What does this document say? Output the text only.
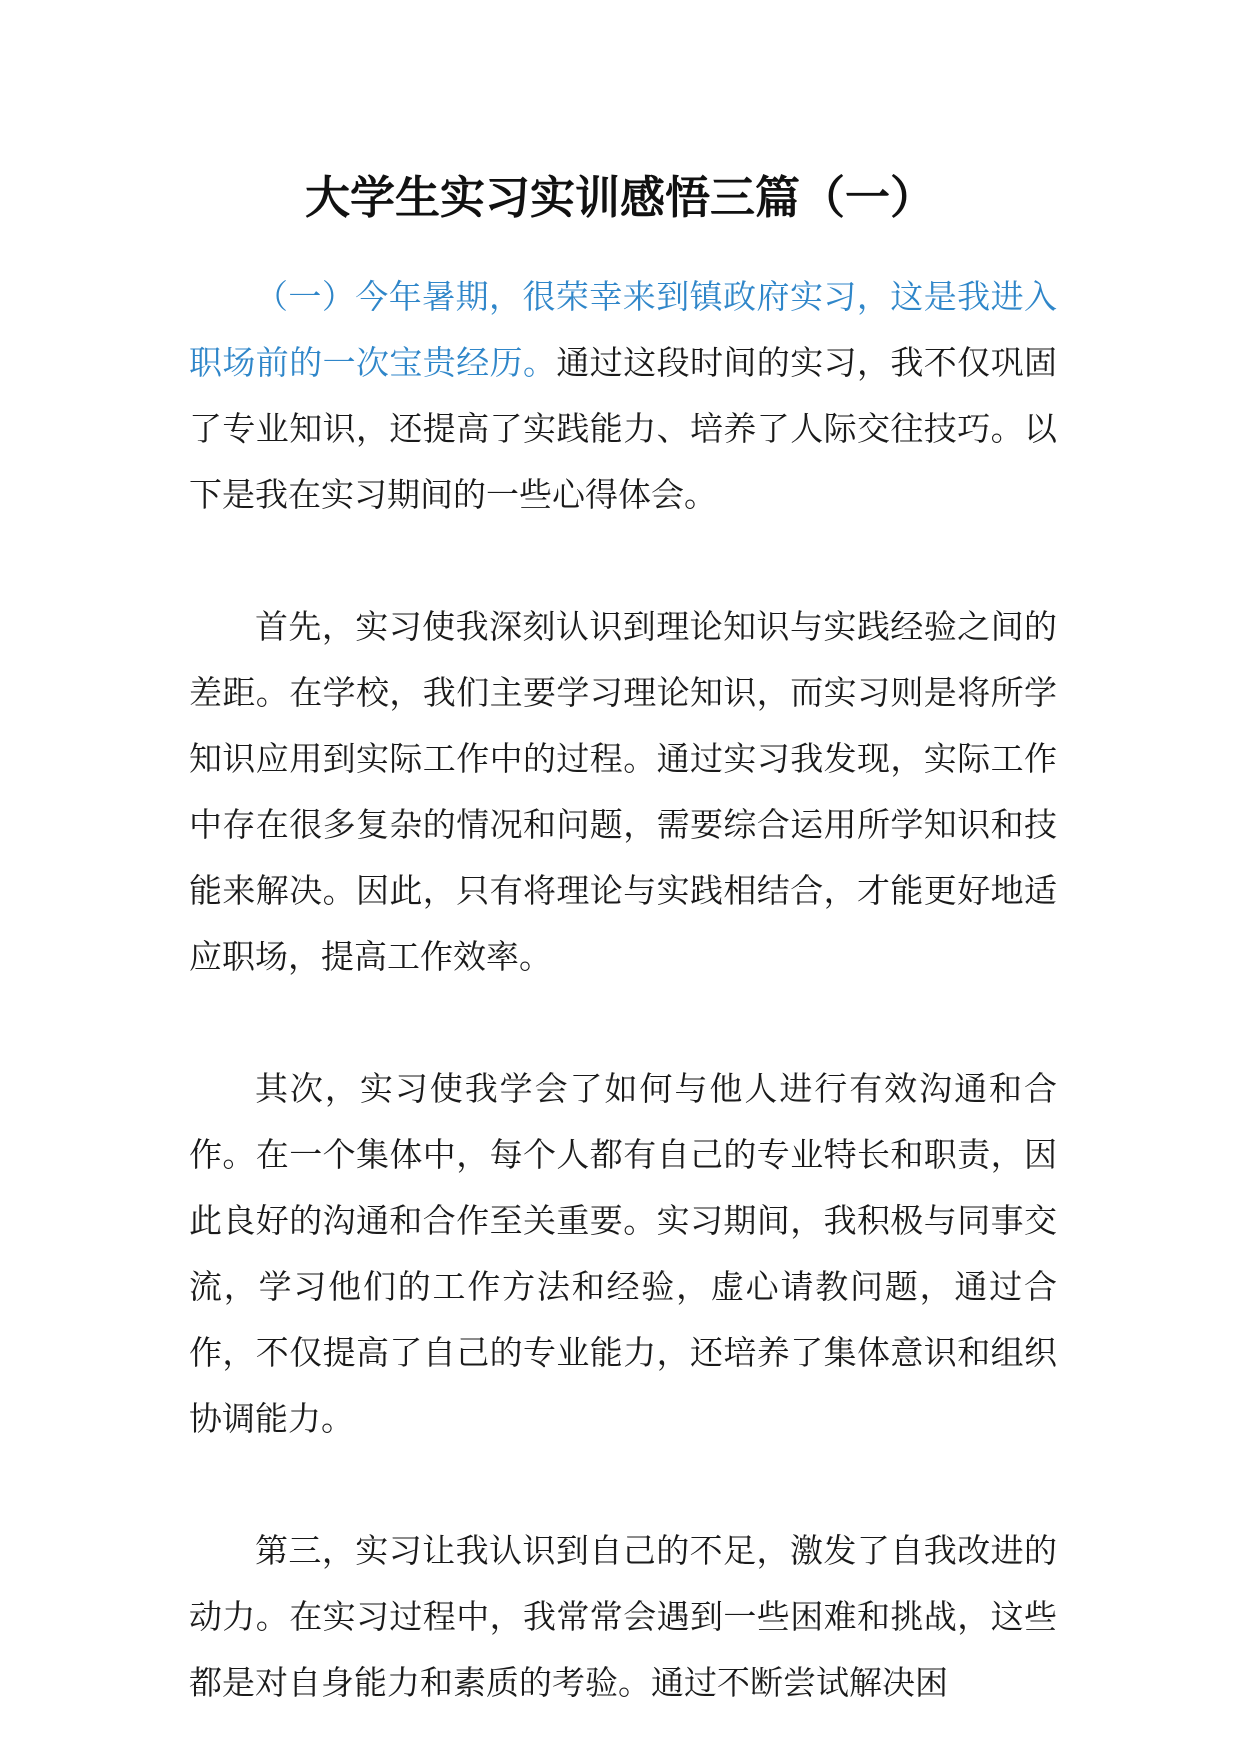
大学生实习实训感悟三篇（一）

（一）今年暑期，很荣幸来到镇政府实习，这是我进入职场前的一次宝贵经历。通过这段时间的实习，我不仅巩固了专业知识，还提高了实践能力、培养了人际交往技巧。以下是我在实习期间的一些心得体会。

首先，实习使我深刻认识到理论知识与实践经验之间的差距。在学校，我们主要学习理论知识，而实习则是将所学知识应用到实际工作中的过程。通过实习我发现，实际工作中存在很多复杂的情况和问题，需要综合运用所学知识和技能来解决。因此，只有将理论与实践相结合，才能更好地适应职场，提高工作效率。

其次，实习使我学会了如何与他人进行有效沟通和合作。在一个集体中，每个人都有自己的专业特长和职责，因此良好的沟通和合作至关重要。实习期间，我积极与同事交流，学习他们的工作方法和经验，虚心请教问题，通过合作，不仅提高了自己的专业能力，还培养了集体意识和组织协调能力。

第三，实习让我认识到自己的不足，激发了自我改进的动力。在实习过程中，我常常会遇到一些困难和挑战，这些都是对自身能力和素质的考验。通过不断尝试解决困
